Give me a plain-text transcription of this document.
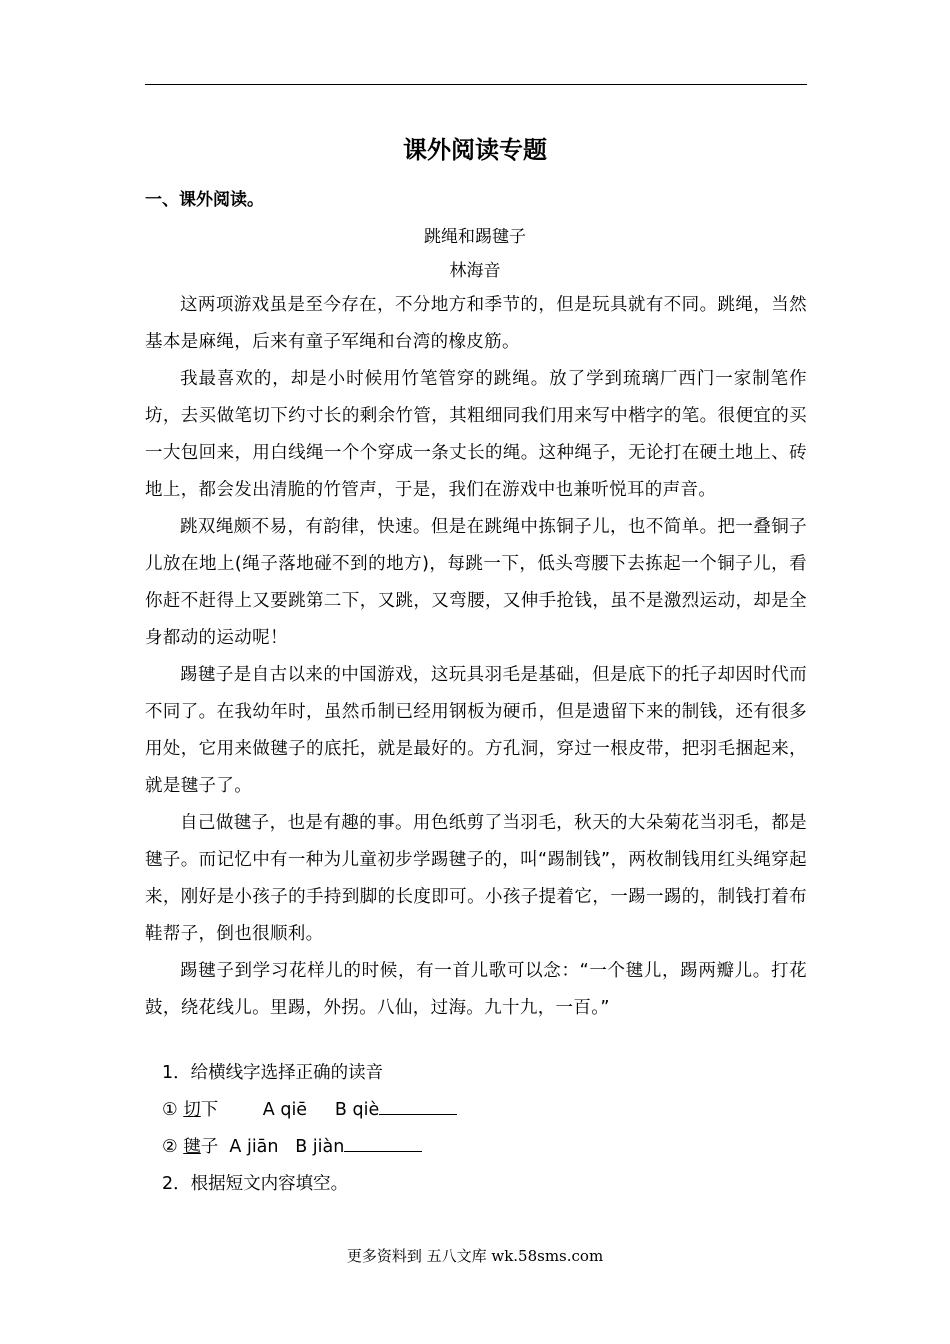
课外阅读专题
一、课外阅读。
跳绳和踢毽子
林海音

这两项游戏虽是至今存在，不分地方和季节的，但是玩具就有不同。跳绳，当然基本是麻绳，后来有童子军绳和台湾的橡皮筋。

我最喜欢的，却是小时候用竹笔管穿的跳绳。放了学到琉璃厂西门一家制笔作坊，去买做笔切下约寸长的剩余竹管，其粗细同我们用来写中楷字的笔。很便宜的买一大包回来，用白线绳一个个穿成一条丈长的绳。这种绳子，无论打在硬土地上、砖地上，都会发出清脆的竹管声，于是，我们在游戏中也兼听悦耳的声音。

跳双绳颇不易，有韵律，快速。但是在跳绳中拣铜子儿，也不简单。把一叠铜子儿放在地上(绳子落地碰不到的地方)，每跳一下，低头弯腰下去拣起一个铜子儿，看你赶不赶得上又要跳第二下，又跳，又弯腰，又伸手抢钱，虽不是激烈运动，却是全身都动的运动呢！

踢毽子是自古以来的中国游戏，这玩具羽毛是基础，但是底下的托子却因时代而不同了。在我幼年时，虽然币制已经用钢板为硬币，但是遗留下来的制钱，还有很多用处，它用来做毽子的底托，就是最好的。方孔洞，穿过一根皮带，把羽毛捆起来，就是毽子了。

自己做毽子，也是有趣的事。用色纸剪了当羽毛，秋天的大朵菊花当羽毛，都是毽子。而记忆中有一种为儿童初步学踢毽子的，叫“踢制钱”，两枚制钱用红头绳穿起来，刚好是小孩子的手持到脚的长度即可。小孩子提着它，一踢一踢的，制钱打着布鞋帮子，倒也很顺利。

踢毽子到学习花样儿的时候，有一首儿歌可以念：“一个毽儿，踢两瓣儿。打花鼓，绕花线儿。里踢，外拐。八仙，过海。九十九，一百。”

1．给横线字选择正确的读音
① 切下	A qiē B qiè
② 毽子 A jiān B jiàn
2．根据短文内容填空。
更多资料到 五八文库 wk.58sms.com
